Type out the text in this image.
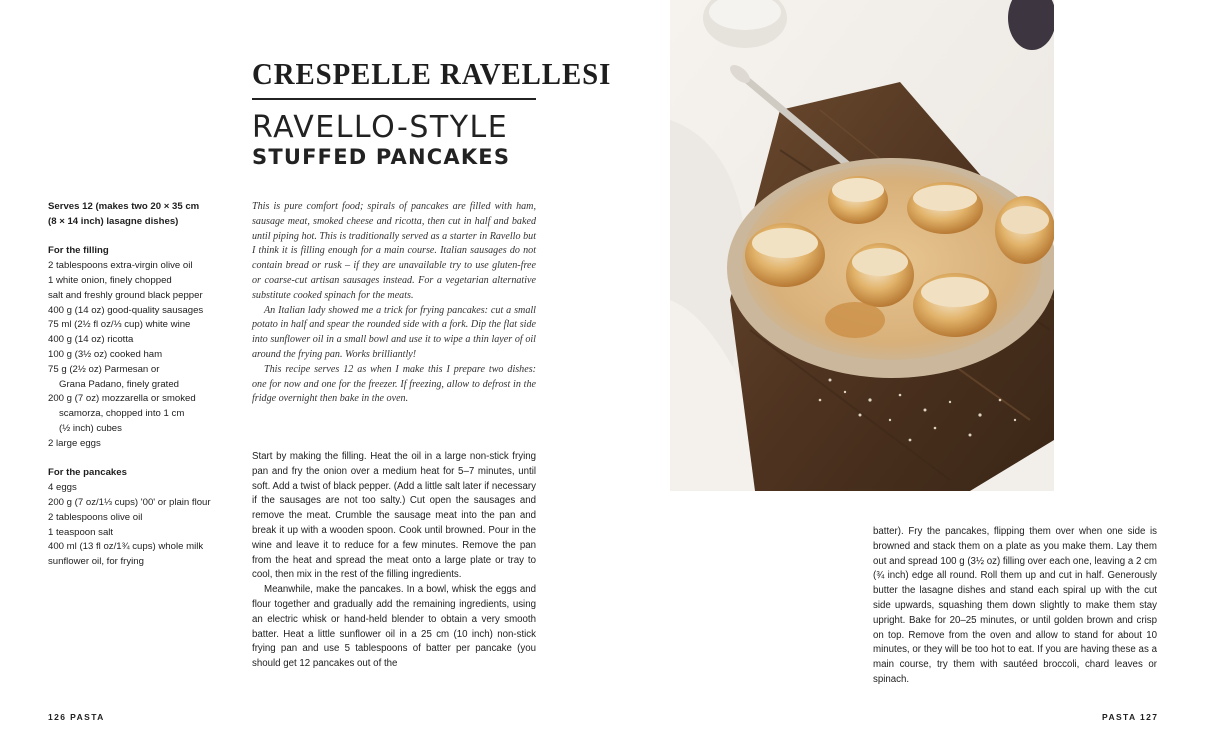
CRESPELLE RAVELLESI
RAVELLO-STYLE
STUFFED PANCAKES
Serves 12 (makes two 20 × 35 cm
(8 × 14 inch) lasagne dishes)
For the filling
2 tablespoons extra-virgin olive oil
1 white onion, finely chopped
salt and freshly ground black pepper
400 g (14 oz) good-quality sausages
75 ml (2½ fl oz/⅓ cup) white wine
400 g (14 oz) ricotta
100 g (3½ oz) cooked ham
75 g (2½ oz) Parmesan or
Grana Padano, finely grated
200 g (7 oz) mozzarella or smoked
scamorza, chopped into 1 cm
(½ inch) cubes
2 large eggs
For the pancakes
4 eggs
200 g (7 oz/1⅓ cups) '00' or plain flour
2 tablespoons olive oil
1 teaspoon salt
400 ml (13 fl oz/1¾ cups) whole milk
sunflower oil, for frying

This is pure comfort food; spirals of pancakes are filled with ham, sausage meat, smoked cheese and ricotta, then cut in half and baked until piping hot. This is traditionally served as a starter in Ravello but I think it is filling enough for a main course. Italian sausages do not contain bread or rusk – if they are unavailable try to use gluten-free or coarse-cut artisan sausages instead. For a vegetarian alternative substitute cooked spinach for the meats.

An Italian lady showed me a trick for frying pancakes: cut a small potato in half and spear the rounded side with a fork. Dip the flat side into sunflower oil in a small bowl and use it to wipe a thin layer of oil around the frying pan. Works brilliantly!

This recipe serves 12 as when I make this I prepare two dishes: one for now and one for the freezer. If freezing, allow to defrost in the fridge overnight then bake in the oven.

Start by making the filling. Heat the oil in a large non-stick frying pan and fry the onion over a medium heat for 5–7 minutes, until soft. Add a twist of black pepper. (Add a little salt later if necessary if the sausages are not too salty.) Cut open the sausages and remove the meat. Crumble the sausage meat into the pan and break it up with a wooden spoon. Cook until browned. Pour in the wine and leave it to reduce for a few minutes. Remove the pan from the heat and spread the meat onto a large plate or tray to cool, then mix in the rest of the filling ingredients.

Meanwhile, make the pancakes. In a bowl, whisk the eggs and flour together and gradually add the remaining ingredients, using an electric whisk or hand-held blender to obtain a very smooth batter. Heat a little sunflower oil in a 25 cm (10 inch) non-stick frying pan and use 5 tablespoons of batter per pancake (you should get 12 pancakes out of the

batter). Fry the pancakes, flipping them over when one side is browned and stack them on a plate as you make them. Lay them out and spread 100 g (3½ oz) filling over each one, leaving a 2 cm (¾ inch) edge all round. Roll them up and cut in half. Generously butter the lasagne dishes and stand each spiral up with the cut side upwards, squashing them down slightly to make them stay upright. Bake for 20–25 minutes, or until golden brown and crisp on top. Remove from the oven and allow to stand for about 10 minutes, or they will be too hot to eat. If you are having these as a main course, try them with sautéed broccoli, chard leaves or spinach.

126 PASTA	PASTA 127
